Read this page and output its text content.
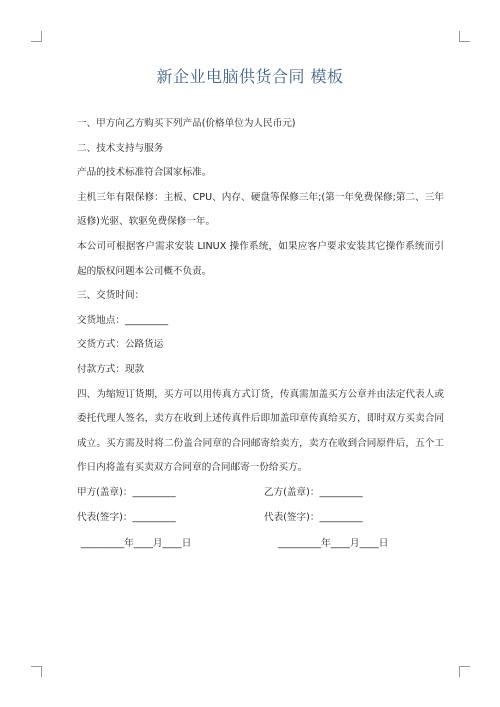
新企业电脑供货合同 模板

一、甲方向乙方购买下列产品(价格单位为人民币元)

二、技术支持与服务

产品的技术标准符合国家标准。

主机三年有限保修：主板、CPU、内存、硬盘等保修三年;(第一年免费保修;第二、三年返修)光驱、软驱免费保修一年。

本公司可根据客户需求安装 LINUX 操作系统，如果应客户要求安装其它操作系统而引起的版权问题本公司概不负责。

三、交货时间：

交货地点：_________

交货方式：公路货运

付款方式：现款

四、为缩短订货期，买方可以用传真方式订货，传真需加盖买方公章并由法定代表人或委托代理人签名，卖方在收到上述传真件后即加盖印章传真给买方，即时双方买卖合同成立。买方需及时将二份盖合同章的合同邮寄给卖方，卖方在收到合同原件后，五个工作日内将盖有买卖双方合同章的合同邮寄一份给买方。

甲方(盖章)：_________	乙方(盖章)：_________
代表(签字)：_________	代表(签字)：_________
_________年____月____日	_________年____月____日
